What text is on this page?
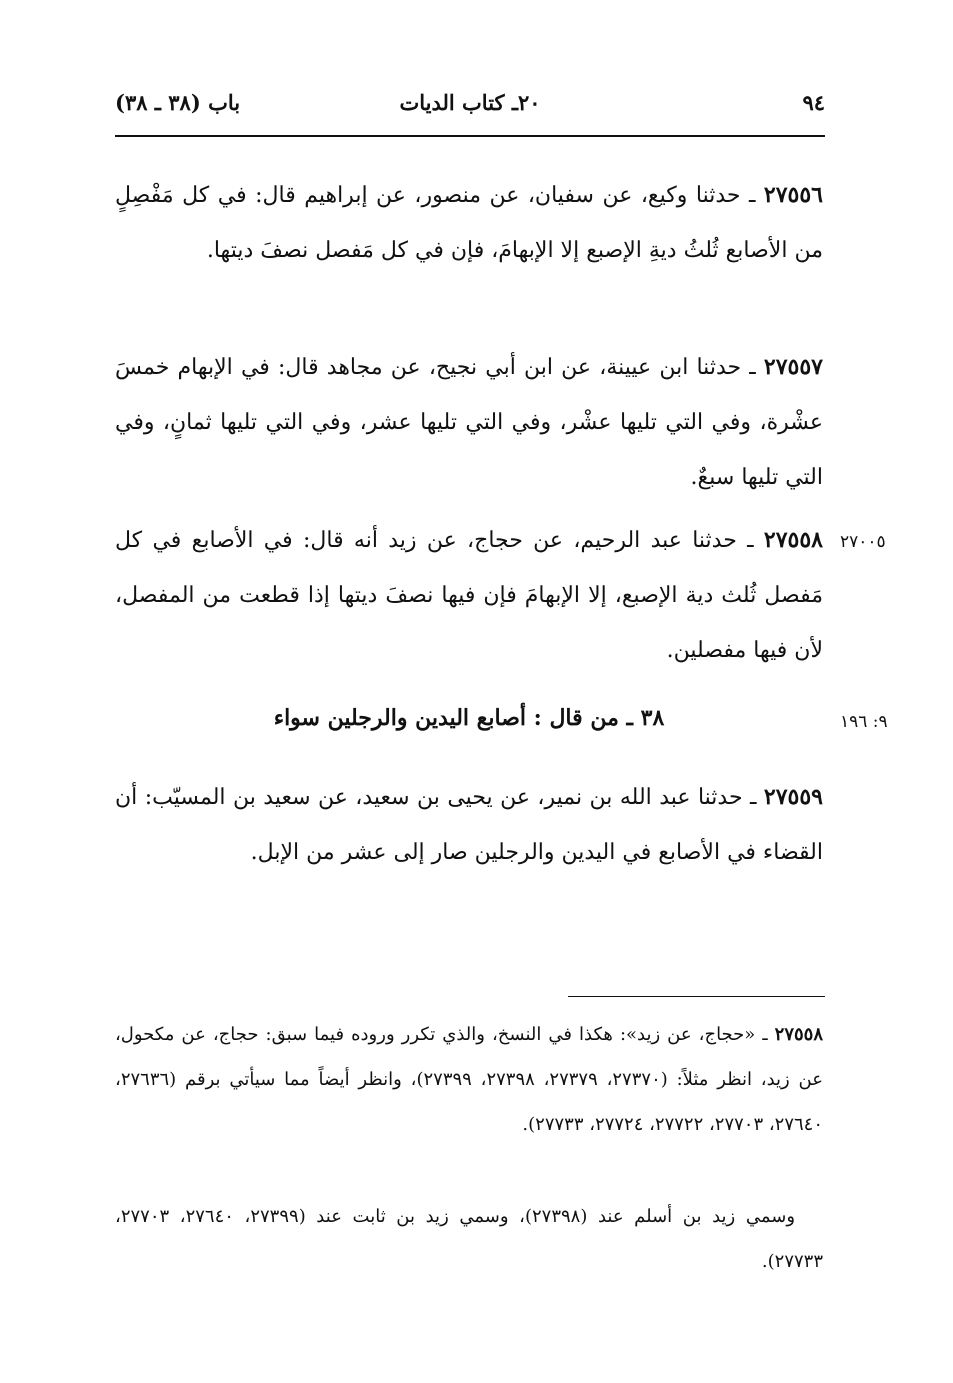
٩٤
٢٠ـ كتاب الديات
باب (٣٨ ـ ٣٨)
٢٧٥٥٦ ـ حدثنا وكيع، عن سفيان، عن منصور، عن إبراهيم قال: في كل مَفْصِلٍ من الأصابع ثُلثُ ديةِ الإصبع إلا الإبهامَ، فإن في كل مَفصل نصفَ ديتها.
٢٧٥٥٧ ـ حدثنا ابن عيينة، عن ابن أبي نجيح، عن مجاهد قال: في الإبهام خمسَ عشْرة، وفي التي تليها عشْر، وفي التي تليها عشر، وفي التي تليها ثمانٍ، وفي التي تليها سبعٌ.
٢٧٠٠٥
٢٧٥٥٨ ـ حدثنا عبد الرحيم، عن حجاج، عن زيد أنه قال: في الأصابع في كل مَفصل ثُلث دية الإصبع، إلا الإبهامَ فإن فيها نصفَ ديتها إذا قطعت من المفصل، لأن فيها مفصلين.
٩: ١٩٦
٣٨ ـ من قال : أصابع اليدين والرجلين سواء
٢٧٥٥٩ ـ حدثنا عبد الله بن نمير، عن يحيى بن سعيد، عن سعيد بن المسيّب: أن القضاء في الأصابع في اليدين والرجلين صار إلى عشر من الإبل.
٢٧٥٥٨ ـ «حجاج، عن زيد»: هكذا في النسخ، والذي تكرر وروده فيما سبق: حجاج، عن مكحول، عن زيد، انظر مثلاً: (٢٧٣٧٠، ٢٧٣٧٩، ٢٧٣٩٨، ٢٧٣٩٩)، وانظر أيضاً مما سيأتي برقم (٢٧٦٣٦، ٢٧٦٤٠، ٢٧٧٠٣، ٢٧٧٢٢، ٢٧٧٢٤، ٢٧٧٣٣).
وسمي زيد بن أسلم عند (٢٧٣٩٨)، وسمي زيد بن ثابت عند (٢٧٣٩٩، ٢٧٦٤٠، ٢٧٧٠٣، ٢٧٧٣٣).
